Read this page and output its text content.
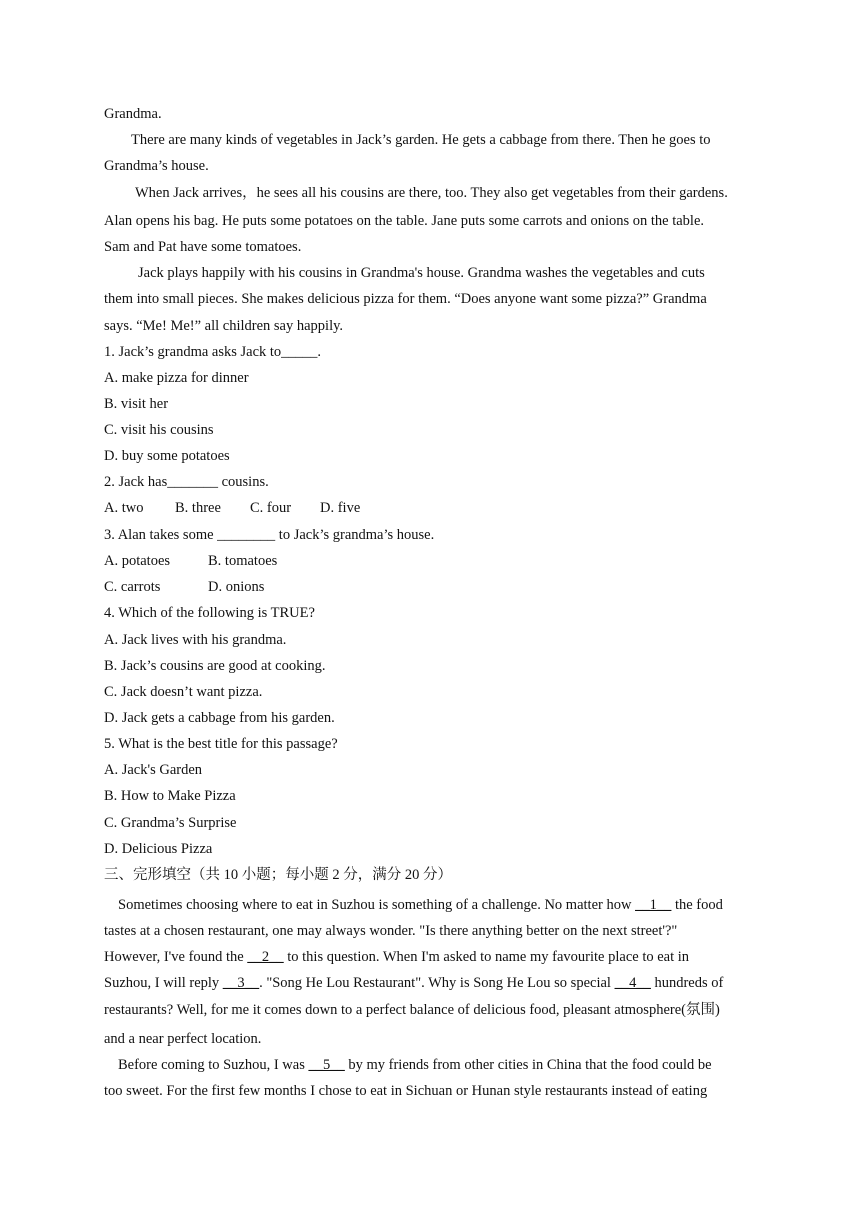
Grandma.
There are many kinds of vegetables in Jack’s garden. He gets a cabbage from there. Then he goes to
Grandma’s house.
When Jack arrives，he sees all his cousins are there, too. They also get vegetables from their gardens.
Alan opens his bag. He puts some potatoes on the table. Jane puts some carrots and onions on the table.
Sam and Pat have some tomatoes.
Jack plays happily with his cousins in Grandma's house. Grandma washes the vegetables and cuts
them into small pieces. She makes delicious pizza for them. “Does anyone want some pizza?” Grandma
says. “Me! Me!” all children say happily.
1. Jack’s grandma asks Jack to_____.
A. make pizza for dinner
B. visit her
C. visit his cousins
D. buy some potatoes
2. Jack has_______ cousins.
A. two B. three C. four D. five
3. Alan takes some ________ to Jack’s grandma’s house.
A. potatoes	B. tomatoes
C. carrots	D. onions
4. Which of the following is TRUE?
A. Jack lives with his grandma.
B. Jack’s cousins are good at cooking.
C. Jack doesn’t want pizza.
D. Jack gets a cabbage from his garden.
5. What is the best title for this passage?
A. Jack's Garden
B. How to Make Pizza
C. Grandma’s Surprise
D. Delicious Pizza
三、完形填空（共 10 小题；每小题 2 分，满分 20 分）
Sometimes choosing where to eat in Suzhou is something of a challenge. No matter how __1__ the food
tastes at a chosen restaurant, one may always wonder. "Is there anything better on the next street'?"
However, I've found the __2__ to this question. When I'm asked to name my favourite place to eat in
Suzhou, I will reply __3__. "Song He Lou Restaurant". Why is Song He Lou so special __4__ hundreds of
restaurants? Well, for me it comes down to a perfect balance of delicious food, pleasant atmosphere(氛围)
and a near perfect location.
Before coming to Suzhou, I was __5__ by my friends from other cities in China that the food could be
too sweet. For the first few months I chose to eat in Sichuan or Hunan style restaurants instead of eating
